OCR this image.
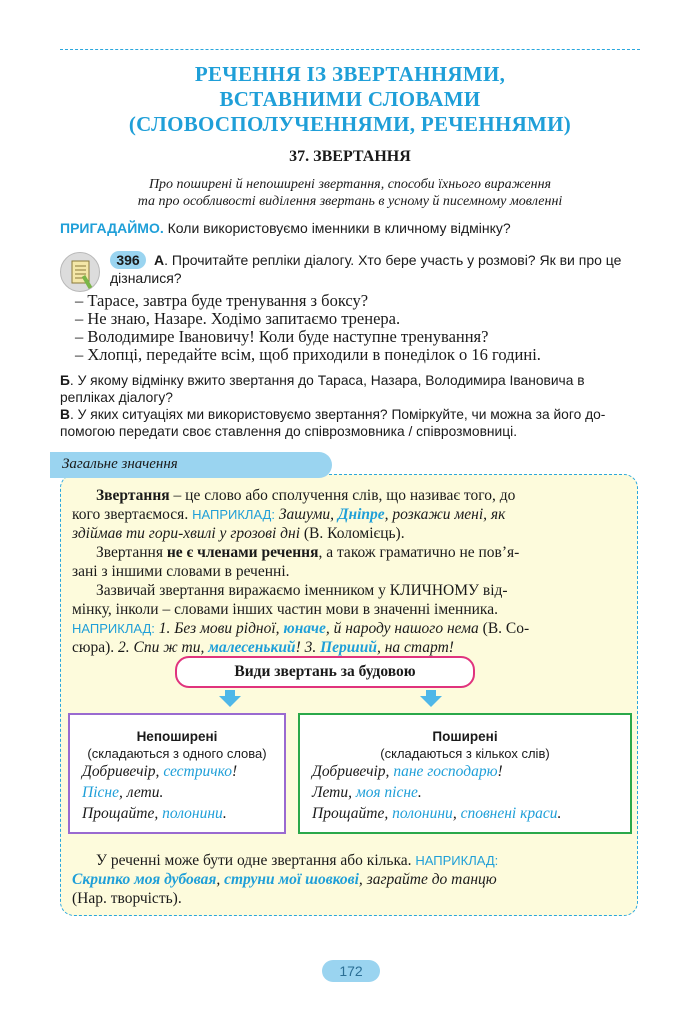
РЕЧЕННЯ ІЗ ЗВЕРТАННЯМИ,
ВСТАВНИМИ СЛОВАМИ
(СЛОВОСПОЛУЧЕННЯМИ, РЕЧЕННЯМИ)
37. ЗВЕРТАННЯ
Про поширені й непоширені звертання, способи їхнього вираження
та про особливості виділення звертань в усному й писемному мовленні
ПРИГАДАЙМО. Коли використовуємо іменники в кличному відмінку?
396	А. Прочитайте репліки діалогу. Хто бере участь у розмові? Як ви про це
дізналися?
– Тарасе, завтра буде тренування з боксу?
– Не знаю, Назаре. Ходімо запитаємо тренера.
– Володимире Івановичу! Коли буде наступне тренування?
– Хлопці, передайте всім, щоб приходили в понеділок о 16 годині.
Б. У якому відмінку вжито звертання до Тараса, Назара, Володимира Івановича в
репліках діалогу?
В. У яких ситуаціях ми використовуємо звертання? Поміркуйте, чи можна за його до-
помогою передати своє ставлення до співрозмовника / співрозмовниці.
Загальне значення
Звертання – це слово або сполучення слів, що називає того, до
кого звертаємося. НАПРИКЛАД: Зашуми, Дніпре, розкажи мені, як
здіймав ти гори-хвилі у грозові дні (В. Коломієць).
Звертання не є членами речення, а також граматично не пов’я-
зані з іншими словами в реченні.
Зазвичай звертання виражаємо іменником у КЛИЧНОМУ від-
мінку, інколи – словами інших частин мови в значенні іменника.
НАПРИКЛАД: 1. Без мови рідної, юначе, й народу нашого нема (В. Со-
сюра). 2. Спи ж ти, малесенький! 3. Перший, на старт!
Види звертань за будовою
Непоширені
(складаються з одного слова)
Добривечір, сестричко!
Пісне, лети.
Прощайте, полонини.
Поширені
(складаються з кількох слів)
Добривечір, пане господарю!
Лети, моя пісне.
Прощайте, полонини, сповнені краси.
У реченні може бути одне звертання або кілька. НАПРИКЛАД:
Скрипко моя дубовая, струни мої шовкові, заграйте до танцю
(Нар. творчість).
172
